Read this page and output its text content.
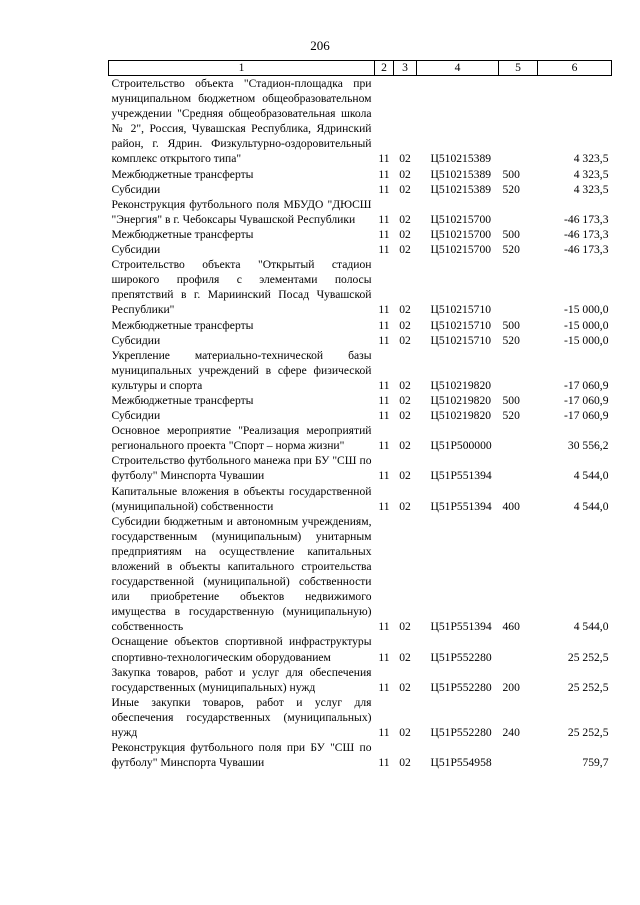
206
1	2	3	4	5	6
Строительство объекта "Стадион-площадка при муниципальном бюджетном общеобразовательном учреждении "Средняя общеобразовательная школа № 2", Россия, Чувашская Республика, Ядринский район, г. Ядрин. Физкультурно-оздоровительный комплекс открытого типа"	11	02	Ц510215389		4 323,5
Межбюджетные трансферты	11	02	Ц510215389	500	4 323,5
Субсидии	11	02	Ц510215389	520	4 323,5
Реконструкция футбольного поля МБУДО "ДЮСШ "Энергия" в г. Чебоксары Чувашской Республики	11	02	Ц510215700		-46 173,3
Межбюджетные трансферты	11	02	Ц510215700	500	-46 173,3
Субсидии	11	02	Ц510215700	520	-46 173,3
Строительство объекта "Открытый стадион широкого профиля с элементами полосы препятствий в г. Мариинский Посад Чувашской Республики"	11	02	Ц510215710		-15 000,0
Межбюджетные трансферты	11	02	Ц510215710	500	-15 000,0
Субсидии	11	02	Ц510215710	520	-15 000,0
Укрепление материально-технической базы муниципальных учреждений в сфере физической культуры и спорта	11	02	Ц510219820		-17 060,9
Межбюджетные трансферты	11	02	Ц510219820	500	-17 060,9
Субсидии	11	02	Ц510219820	520	-17 060,9
Основное мероприятие "Реализация мероприятий регионального проекта "Спорт – норма жизни"	11	02	Ц51P500000		30 556,2
Строительство футбольного манежа при БУ "СШ по футболу" Минспорта Чувашии	11	02	Ц51P551394		4 544,0
Капитальные вложения в объекты государственной (муниципальной) собственности	11	02	Ц51P551394	400	4 544,0
Субсидии бюджетным и автономным учреждениям, государственным (муниципальным) унитарным предприятиям на осуществление капитальных вложений в объекты капитального строительства государственной (муниципальной) собственности или приобретение объектов недвижимого имущества в государственную (муниципальную) собственность	11	02	Ц51P551394	460	4 544,0
Оснащение объектов спортивной инфраструктуры спортивно-технологическим оборудованием	11	02	Ц51P552280		25 252,5
Закупка товаров, работ и услуг для обеспечения государственных (муниципальных) нужд	11	02	Ц51P552280	200	25 252,5
Иные закупки товаров, работ и услуг для обеспечения государственных (муниципальных) нужд	11	02	Ц51P552280	240	25 252,5
Реконструкция футбольного поля при БУ "СШ по футболу" Минспорта Чувашии	11	02	Ц51P554958		759,7
